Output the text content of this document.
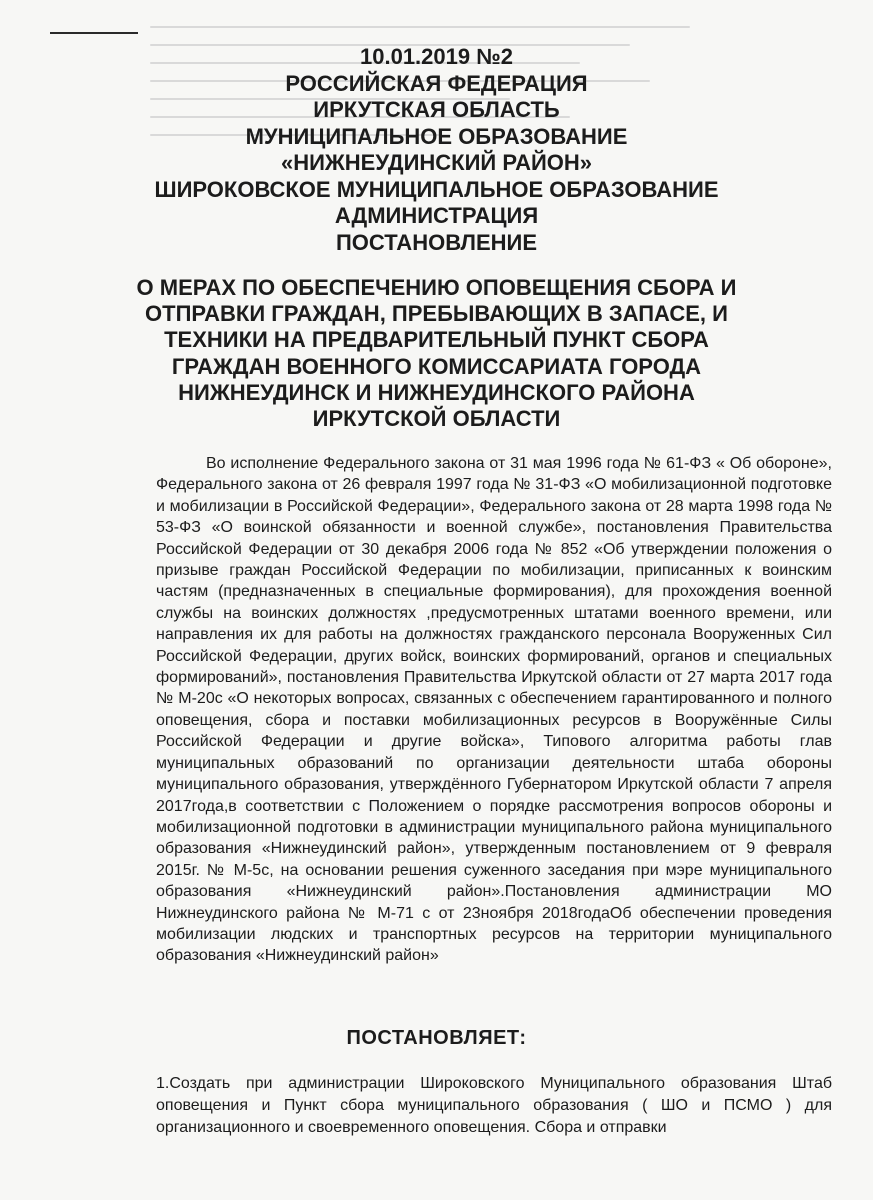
10.01.2019 №2
РОССИЙСКАЯ ФЕДЕРАЦИЯ
ИРКУТСКАЯ ОБЛАСТЬ
МУНИЦИПАЛЬНОЕ ОБРАЗОВАНИЕ
«НИЖНЕУДИНСКИЙ РАЙОН»
ШИРОКОВСКОЕ МУНИЦИПАЛЬНОЕ ОБРАЗОВАНИЕ
АДМИНИСТРАЦИЯ
ПОСТАНОВЛЕНИЕ
О МЕРАХ ПО ОБЕСПЕЧЕНИЮ ОПОВЕЩЕНИЯ СБОРА И
ОТПРАВКИ ГРАЖДАН, ПРЕБЫВАЮЩИХ В ЗАПАСЕ, И
ТЕХНИКИ НА ПРЕДВАРИТЕЛЬНЫЙ ПУНКТ СБОРА
ГРАЖДАН ВОЕННОГО КОМИССАРИАТА ГОРОДА
НИЖНЕУДИНСК И НИЖНЕУДИНСКОГО РАЙОНА
ИРКУТСКОЙ ОБЛАСТИ

Во исполнение Федерального закона от 31 мая 1996 года № 61-ФЗ « Об обороне», Федерального закона от 26 февраля 1997 года № 31-ФЗ «О мобилизационной подготовке и мобилизации в Российской Федерации», Федерального закона от 28 марта 1998 года № 53-ФЗ «О воинской обязанности и военной службе», постановления Правительства Российской Федерации от 30 декабря 2006 года № 852 «Об утверждении положения о призыве граждан Российской Федерации по мобилизации, приписанных к воинским частям (предназначенных в специальные формирования), для прохождения военной службы на воинских должностях ,предусмотренных штатами военного времени, или направления их для работы на должностях гражданского персонала Вооруженных Сил Российской Федерации, других войск, воинских формирований, органов и специальных формирований», постановления Правительства Иркутской области от 27 марта 2017 года № М-20с «О некоторых вопросах, связанных с обеспечением гарантированного и полного оповещения, сбора и поставки мобилизационных ресурсов в Вооружённые Силы Российской Федерации и другие войска», Типового алгоритма работы глав муниципальных образований по организации деятельности штаба обороны муниципального образования, утверждённого Губернатором Иркутской области 7 апреля 2017года,в соответствии с Положением о порядке рассмотрения вопросов обороны и мобилизационной подготовки в администрации муниципального района муниципального образования «Нижнеудинский район», утвержденным постановлением от 9 февраля 2015г. № М-5с, на основании решения суженного заседания при мэре муниципального образования «Нижнеудинский район».Постановления администрации МО Нижнеудинского района № М-71 с от 23ноября 2018годаОб обеспечении проведения мобилизации людских и транспортных ресурсов на территории муниципального образования «Нижнеудинский район»

ПОСТАНОВЛЯЕТ:

1.Создать при администрации Широковского Муниципального образования Штаб оповещения и Пункт сбора муниципального образования ( ШО и ПСМО ) для организационного и своевременного оповещения. Сбора и отправки
